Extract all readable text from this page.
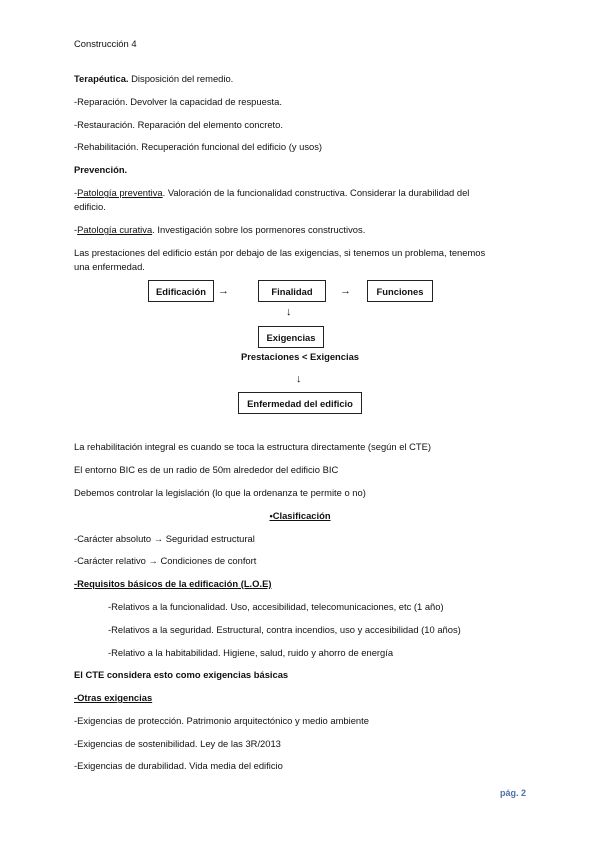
Construcción 4
Terapéutica. Disposición del remedio.
-Reparación. Devolver la capacidad de respuesta.
-Restauración. Reparación del elemento concreto.
-Rehabilitación. Recuperación funcional del edificio (y usos)
Prevención.
-Patología preventiva. Valoración de la funcionalidad constructiva. Considerar la durabilidad del
edificio.
-Patología curativa. Investigación sobre los pormenores constructivos.
Las prestaciones del edificio están por debajo de las exigencias, si tenemos un problema, tenemos
una enfermedad.
Edificación	→	Finalidad	→	Funciones
↓
Exigencias
Prestaciones < Exigencias
↓
Enfermedad del edificio
La rehabilitación integral es cuando se toca la estructura directamente (según el CTE)
El entorno BIC es de un radio de 50m alrededor del edificio BIC
Debemos controlar la legislación (lo que la ordenanza te permite o no)
•Clasificación
-Carácter absoluto → Seguridad estructural
-Carácter relativo → Condiciones de confort
-Requisitos básicos de la edificación (L.O.E)
-Relativos a la funcionalidad. Uso, accesibilidad, telecomunicaciones, etc (1 año)
-Relativos a la seguridad. Estructural, contra incendios, uso y accesibilidad (10 años)
-Relativo a la habitabilidad. Higiene, salud, ruido y ahorro de energía
El CTE considera esto como exigencias básicas
-Otras exigencias
-Exigencias de protección. Patrimonio arquitectónico y medio ambiente
-Exigencias de sostenibilidad. Ley de las 3R/2013
-Exigencias de durabilidad. Vida media del edificio
pág. 2
